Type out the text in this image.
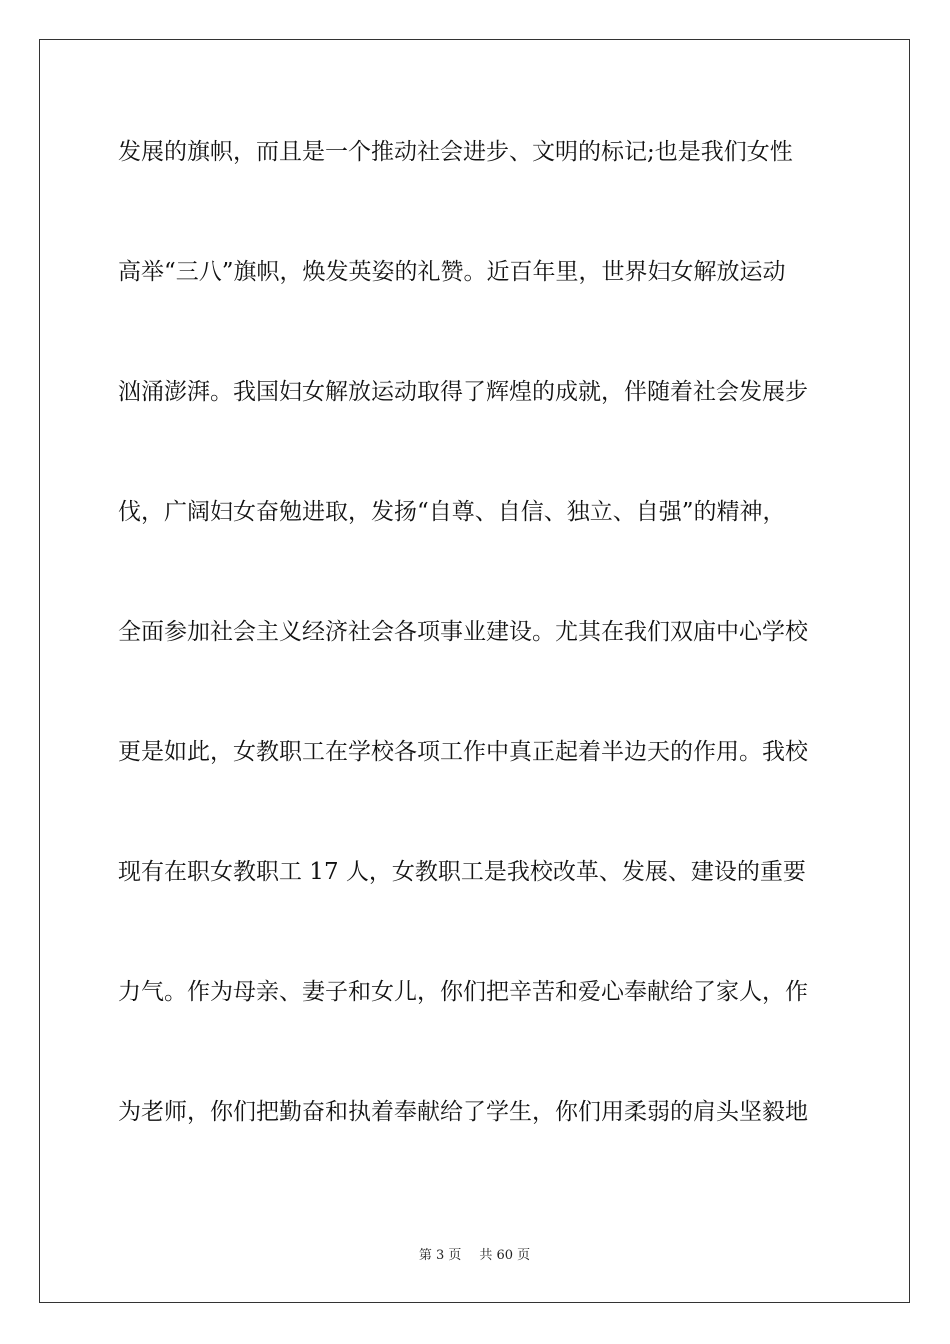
发展的旗帜，而且是一个推动社会进步、文明的标记;也是我们女性
高举“三八”旗帜，焕发英姿的礼赞。近百年里，世界妇女解放运动
汹涌澎湃。我国妇女解放运动取得了辉煌的成就，伴随着社会发展步
伐，广阔妇女奋勉进取，发扬“自尊、自信、独立、自强”的精神，
全面参加社会主义经济社会各项事业建设。尤其在我们双庙中心学校
更是如此，女教职工在学校各项工作中真正起着半边天的作用。我校
现有在职女教职工 17 人，女教职工是我校改革、发展、建设的重要
力气。作为母亲、妻子和女儿，你们把辛苦和爱心奉献给了家人，作
为老师，你们把勤奋和执着奉献给了学生，你们用柔弱的肩头坚毅地
第 3 页 共 60 页
